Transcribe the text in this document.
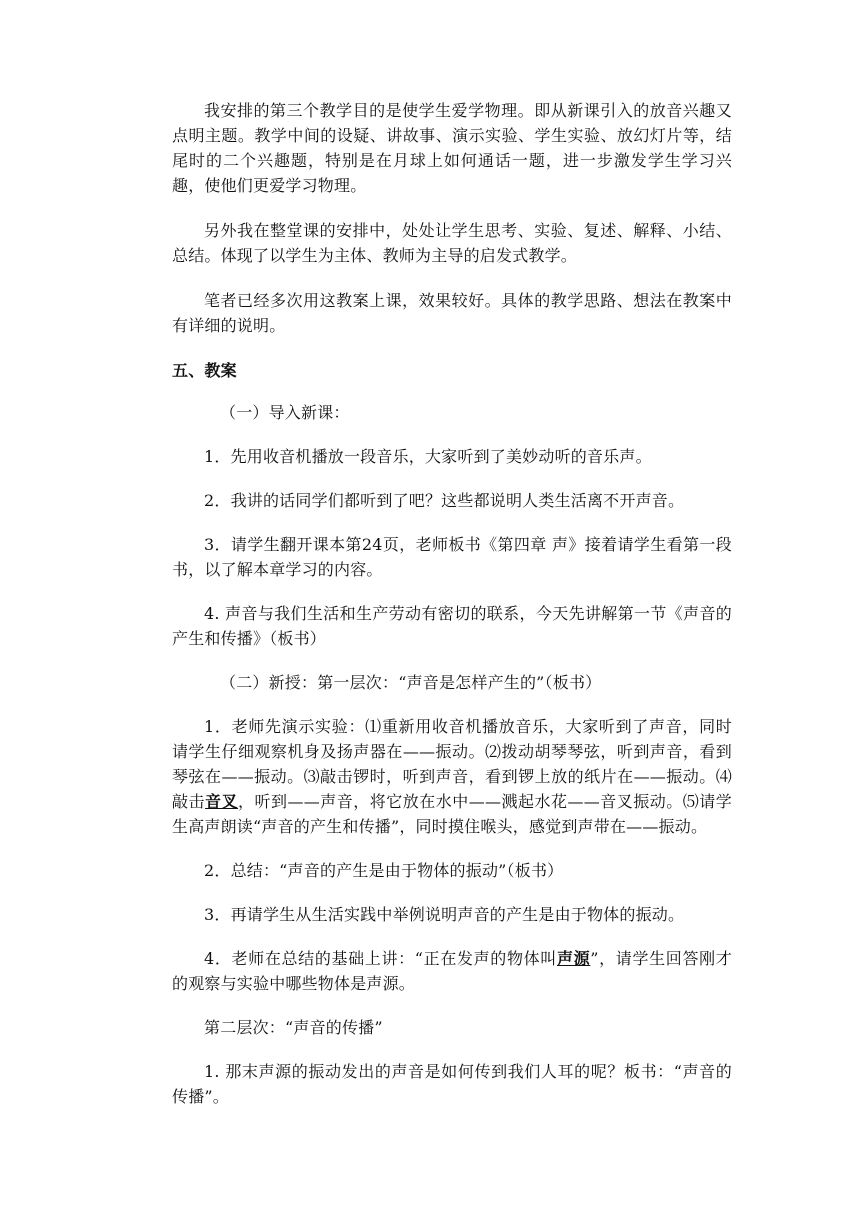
我安排的第三个教学目的是使学生爱学物理。即从新课引入的放音兴趣又点明主题。教学中间的设疑、讲故事、演示实验、学生实验、放幻灯片等，结尾时的二个兴趣题，特别是在月球上如何通话一题，进一步激发学生学习兴趣，使他们更爱学习物理。

另外我在整堂课的安排中，处处让学生思考、实验、复述、解释、小结、总结。体现了以学生为主体、教师为主导的启发式教学。

笔者已经多次用这教案上课，效果较好。具体的教学思路、想法在教案中有详细的说明。

五、教案

（一）导入新课：

1．先用收音机播放一段音乐，大家听到了美妙动听的音乐声。

2．我讲的话同学们都听到了吧？这些都说明人类生活离不开声音。

3．请学生翻开课本第24页，老师板书《第四章 声》接着请学生看第一段书，以了解本章学习的内容。

4. 声音与我们生活和生产劳动有密切的联系，今天先讲解第一节《声音的产生和传播》（板书）

（二）新授：第一层次：“声音是怎样产生的”（板书）

1．老师先演示实验：⑴重新用收音机播放音乐，大家听到了声音，同时请学生仔细观察机身及扬声器在——振动。⑵拨动胡琴琴弦，听到声音，看到琴弦在——振动。⑶敲击锣时，听到声音，看到锣上放的纸片在——振动。⑷敲击音叉，听到——声音，将它放在水中——溅起水花——音叉振动。⑸请学生高声朗读“声音的产生和传播”，同时摸住喉头，感觉到声带在——振动。

2．总结：“声音的产生是由于物体的振动”（板书）

3．再请学生从生活实践中举例说明声音的产生是由于物体的振动。

4．老师在总结的基础上讲：“正在发声的物体叫声源”，请学生回答刚才的观察与实验中哪些物体是声源。

第二层次：“声音的传播”

1. 那末声源的振动发出的声音是如何传到我们人耳的呢？板书：“声音的传播”。
